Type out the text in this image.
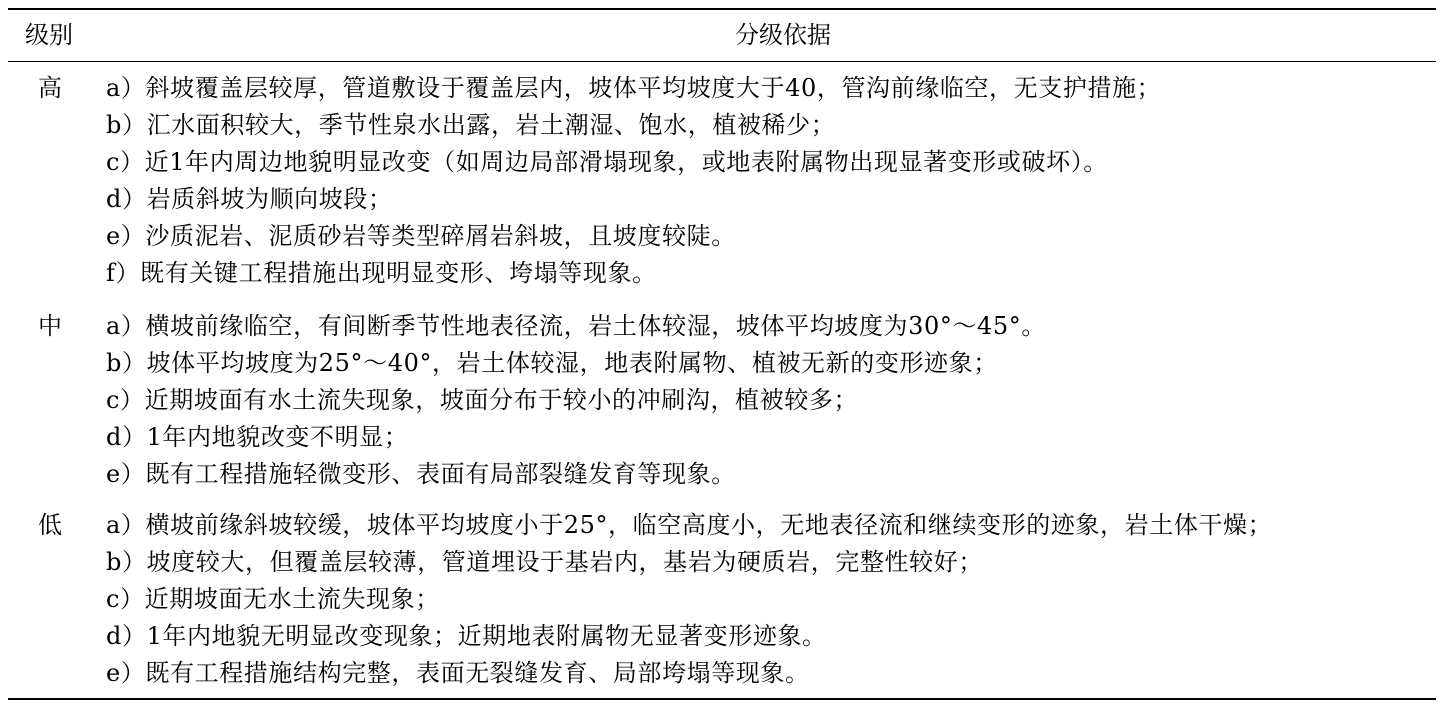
级别	分级依据
高 a）斜坡覆盖层较厚，管道敷设于覆盖层内，坡体平均坡度大于40，管沟前缘临空，无支护措施；
b）汇水面积较大，季节性泉水出露，岩土潮湿、饱水，植被稀少；
c）近1年内周边地貌明显改变（如周边局部滑塌现象，或地表附属物出现显著变形或破坏）。
d）岩质斜坡为顺向坡段；
e）沙质泥岩、泥质砂岩等类型碎屑岩斜坡，且坡度较陡。
f）既有关键工程措施出现明显变形、垮塌等现象。
中 a）横坡前缘临空，有间断季节性地表径流，岩土体较湿，坡体平均坡度为30°～45°。
b）坡体平均坡度为25°～40°，岩土体较湿，地表附属物、植被无新的变形迹象；
c）近期坡面有水土流失现象，坡面分布于较小的冲刷沟，植被较多；
d）1年内地貌改变不明显；
e）既有工程措施轻微变形、表面有局部裂缝发育等现象。
低 a）横坡前缘斜坡较缓，坡体平均坡度小于25°，临空高度小，无地表径流和继续变形的迹象，岩土体干燥；
b）坡度较大，但覆盖层较薄，管道埋设于基岩内，基岩为硬质岩，完整性较好；
c）近期坡面无水土流失现象；
d）1年内地貌无明显改变现象；近期地表附属物无显著变形迹象。
e）既有工程措施结构完整，表面无裂缝发育、局部垮塌等现象。
